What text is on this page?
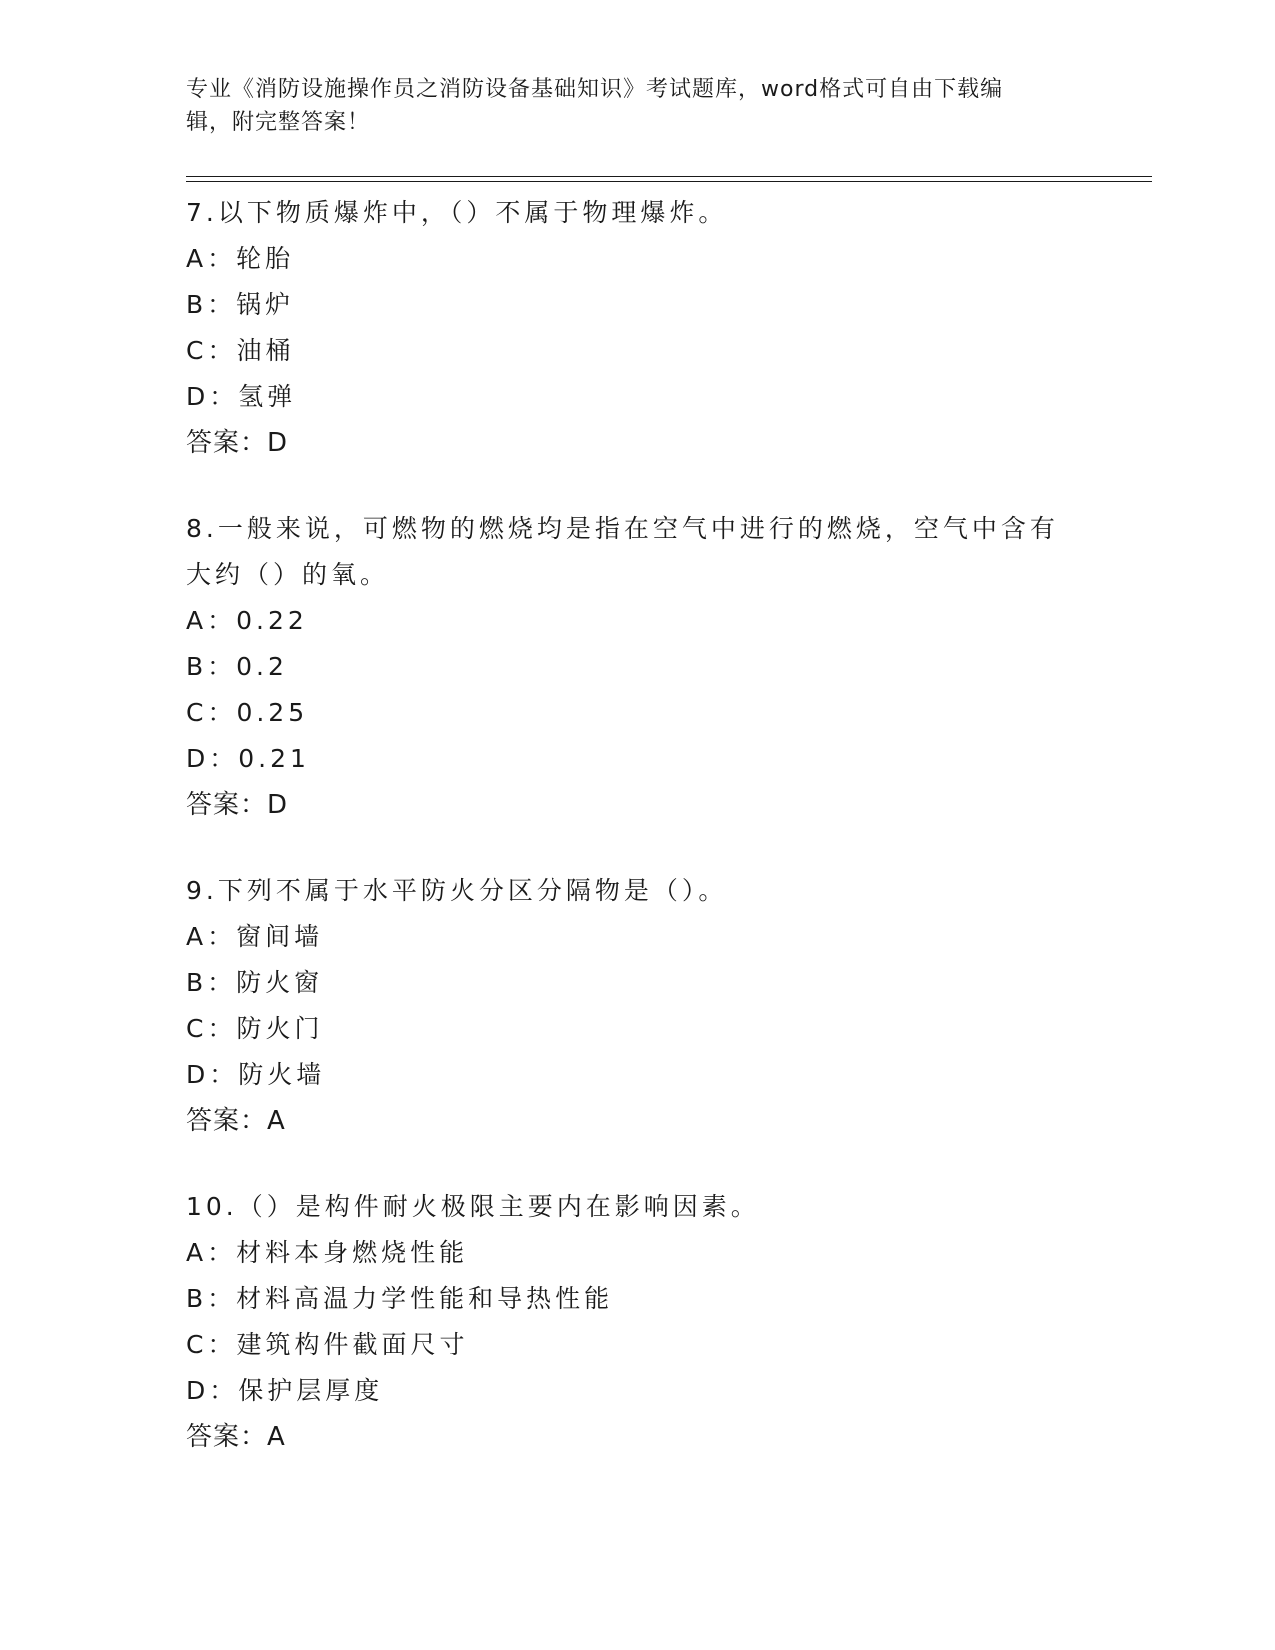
专业《消防设施操作员之消防设备基础知识》考试题库，word格式可自由下载编
辑，附完整答案！
7.以下物质爆炸中，（）不属于物理爆炸。
A：轮胎
B：锅炉
C：油桶
D：氢弹
答案：D
8.一般来说，可燃物的燃烧均是指在空气中进行的燃烧，空气中含有
大约（）的氧。
A：0.22
B：0.2
C：0.25
D：0.21
答案：D
9.下列不属于水平防火分区分隔物是（）。
A：窗间墙
B：防火窗
C：防火门
D：防火墙
答案：A
10.（）是构件耐火极限主要内在影响因素。
A：材料本身燃烧性能
B：材料高温力学性能和导热性能
C：建筑构件截面尺寸
D：保护层厚度
答案：A
